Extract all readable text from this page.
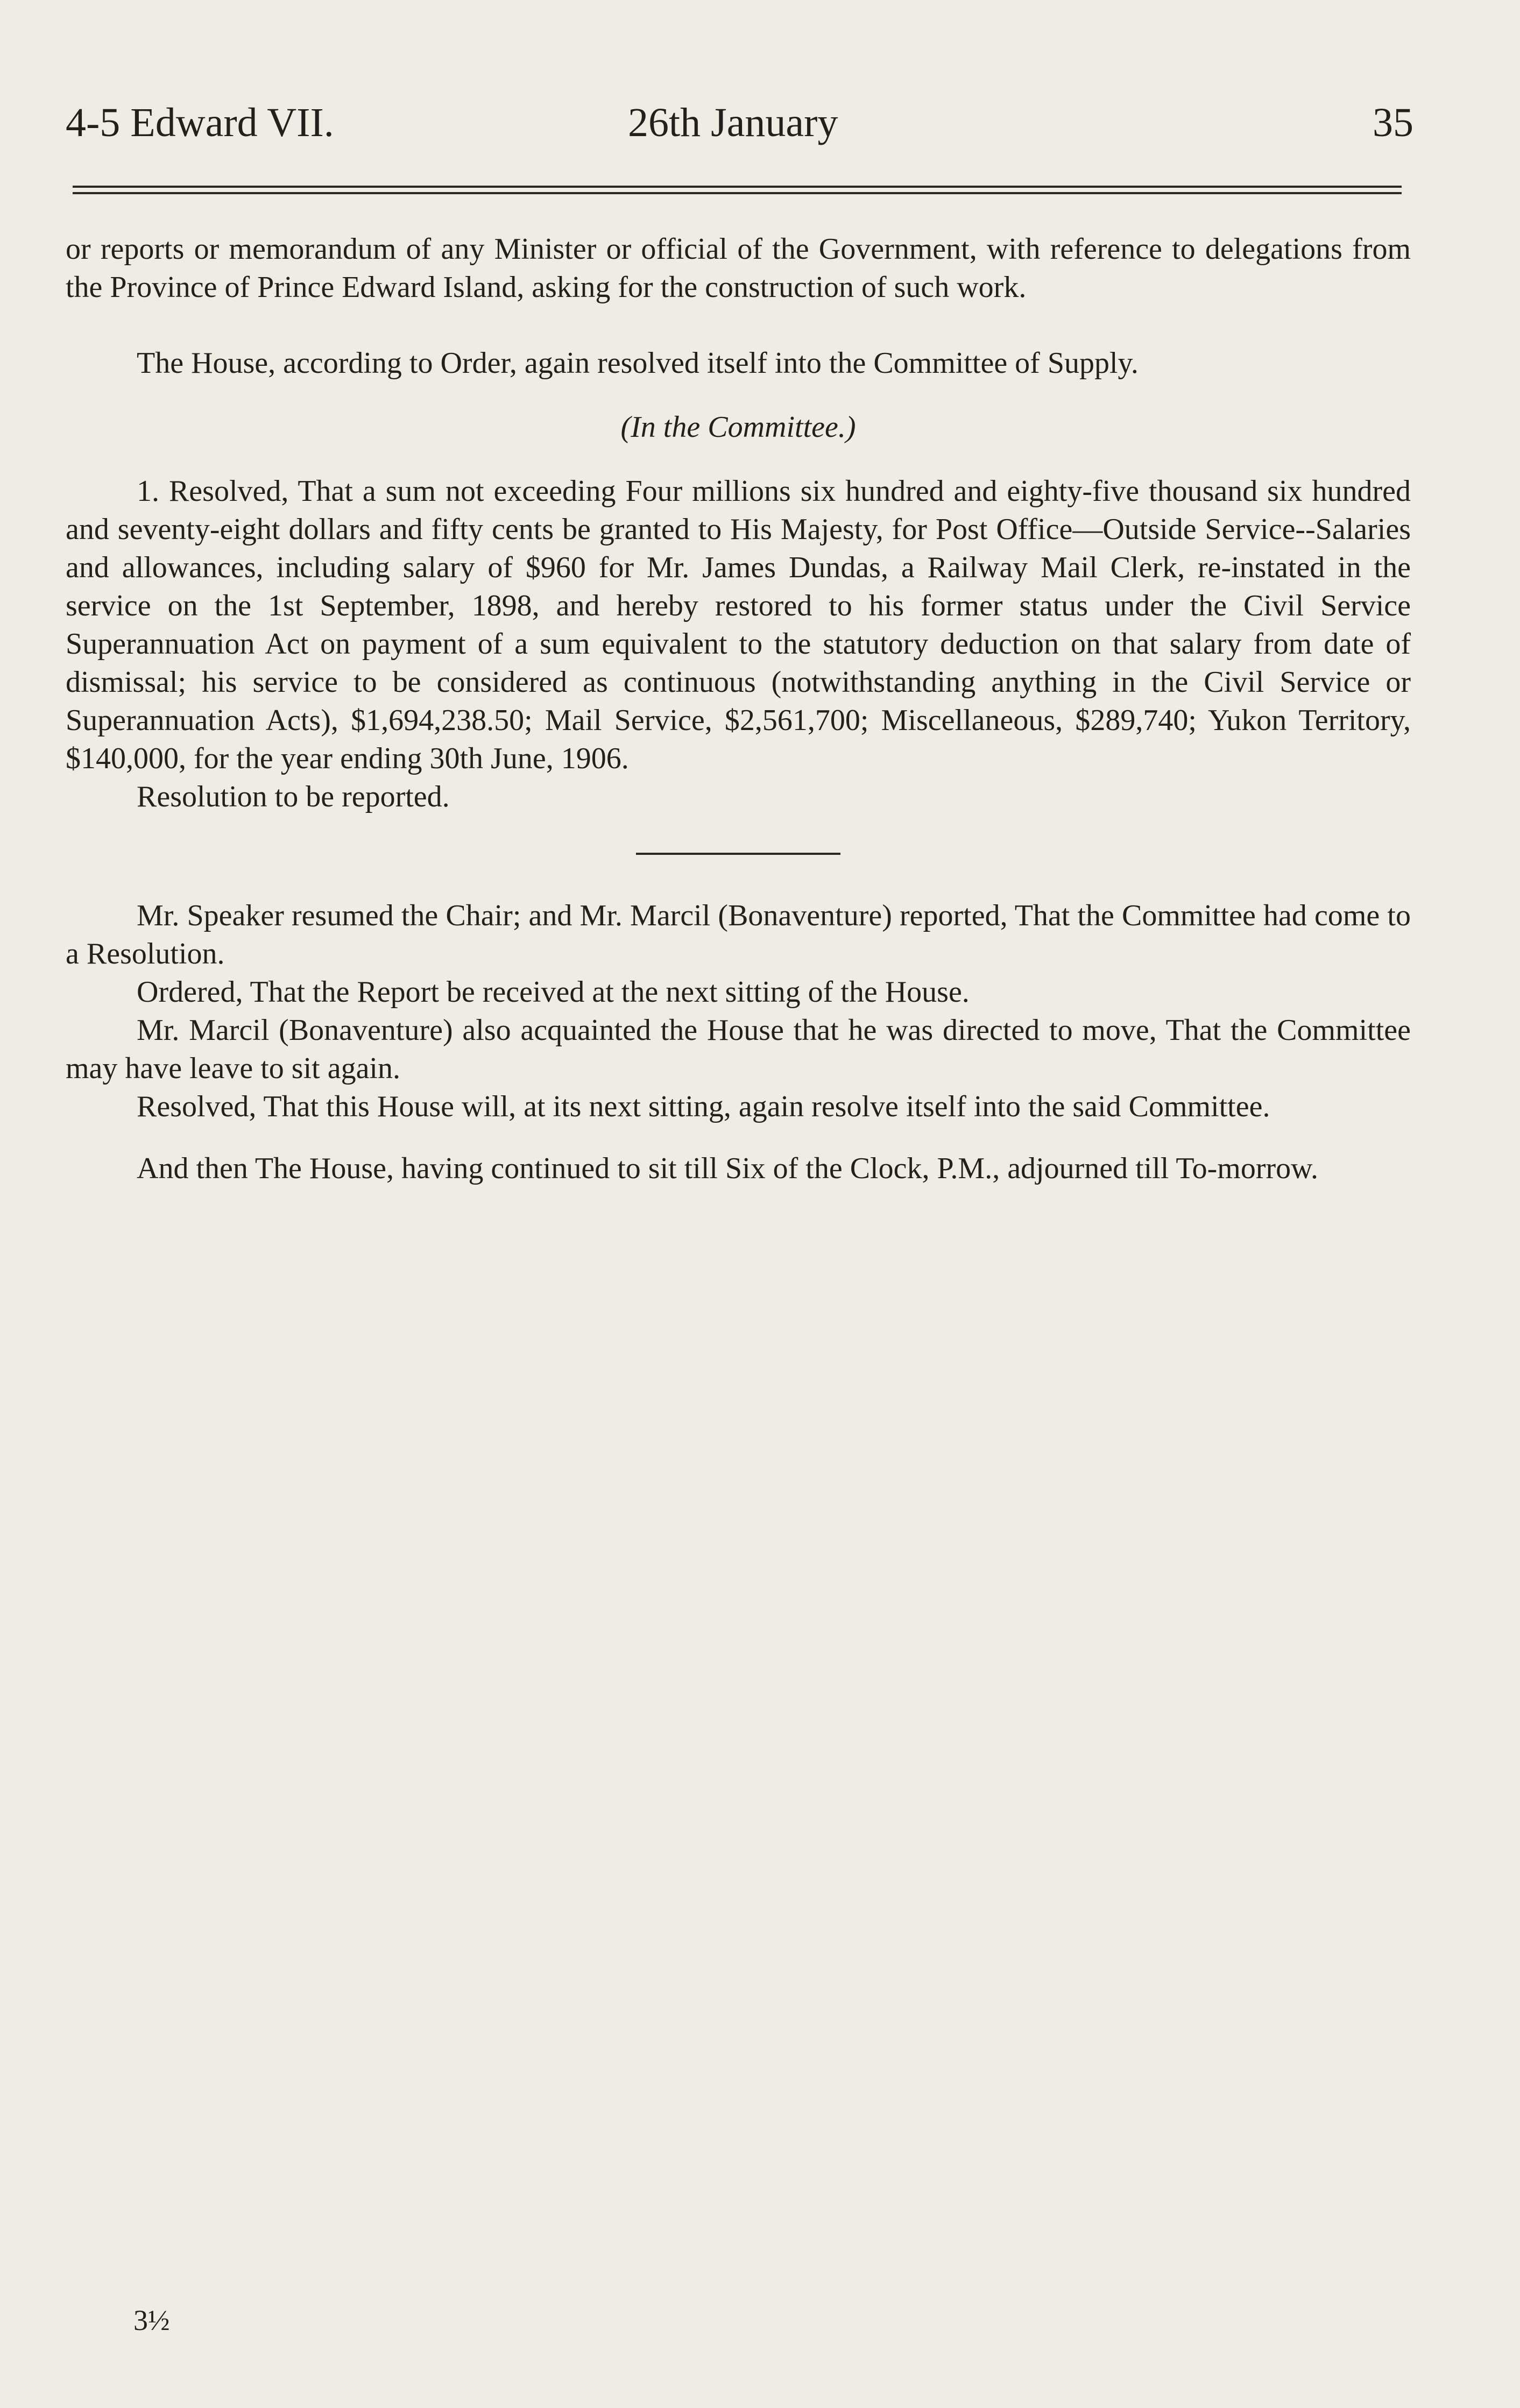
4-5 Edward VII.	26th January	35

or reports or memorandum of any Minister or official of the Government, with reference to delegations from the Province of Prince Edward Island, asking for the construction of such work.

The House, according to Order, again resolved itself into the Committee of Supply.

(In the Committee.)

1. Resolved, That a sum not exceeding Four millions six hundred and eighty-five thousand six hundred and seventy-eight dollars and fifty cents be granted to His Majesty, for Post Office—Outside Service--Salaries and allowances, including salary of $960 for Mr. James Dundas, a Railway Mail Clerk, re-instated in the service on the 1st September, 1898, and hereby restored to his former status under the Civil Service Superannuation Act on payment of a sum equivalent to the statutory deduction on that salary from date of dismissal; his service to be considered as continuous (notwithstanding anything in the Civil Service or Superannuation Acts), $1,694,238.50; Mail Service, $2,561,700; Miscellaneous, $289,740; Yukon Territory, $140,000, for the year ending 30th June, 1906.

Resolution to be reported.

Mr. Speaker resumed the Chair; and Mr. Marcil (Bonaventure) reported, That the Committee had come to a Resolution.

Ordered, That the Report be received at the next sitting of the House.

Mr. Marcil (Bonaventure) also acquainted the House that he was directed to move, That the Committee may have leave to sit again.

Resolved, That this House will, at its next sitting, again resolve itself into the said Committee.

And then The House, having continued to sit till Six of the Clock, P.M., adjourned till To-morrow.

3½
